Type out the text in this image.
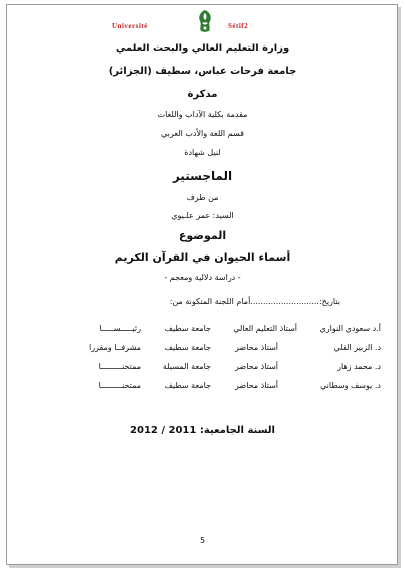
Université	Sétif2
وزارة التعليم العالي والبحث العلمي
جامعة فرحات عباس، سطيف (الجزائر)
مذكرة
مقدمة بكلية الآداب واللغات
قسم اللغة والأدب العربي
لنيل شهادة
الماجستير
من طرف
السيد: عمر علـيوي
الموضوع
أسماء الحيوان في القرآن الكريم
- دراسة دلالية ومعجم -
بتاريخ:...........................أمام اللجنة المتكونة من:
أ.د سعودي النواري
أستاذ التعليم العالي
جامعة سطيف
رئيـــــســـــا
د. الزبير القلي
أستاذ محاضر
جامعة سطيف
مشرفــا ومقررا
د. محمد زهار
أستاذ محاضر
جامعة المسيلة
ممتحنـــــــــا
د. يوسف وسطاني
أستاذ محاضر
جامعة سطيف
ممتحنـــــــــا
السنة الجامعية: 2011 / 2012
5
